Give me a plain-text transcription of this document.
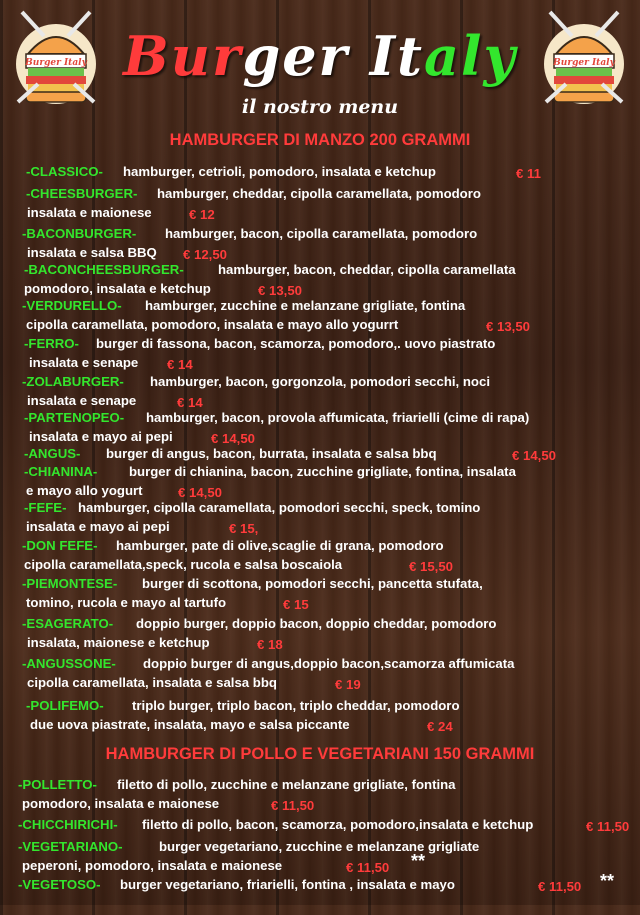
Burger Italy	Burger Italy
Burger Italy
il nostro menu
HAMBURGER DI MANZO 200 GRAMMI
-CLASSICO- hamburger, cetrioli, pomodoro, insalata e ketchup	€ 11
-CHEESBURGER- hamburger, cheddar, cipolla caramellata, pomodoro
insalata e maionese	€ 12
-BACONBURGER- hamburger, bacon, cipolla caramellata, pomodoro
insalata e salsa BBQ € 12,50
-BACONCHEESBURGER-	hamburger, bacon, cheddar, cipolla caramellata
pomodoro, insalata e ketchup	€ 13,50
-VERDURELLO- hamburger, zucchine e melanzane grigliate, fontina
cipolla caramellata, pomodoro, insalata e mayo allo yogurrt	€ 13,50
-FERRO- burger di fassona, bacon, scamorza, pomodoro,. uovo piastrato
insalata e senape € 14
-ZOLABURGER- hamburger, bacon, gorgonzola, pomodori secchi, noci
insalata e senape	€ 14
-PARTENOPEO- hamburger, bacon, provola affumicata, friarielli (cime di rapa)
insalata e mayo ai pepi	€ 14,50
-ANGUS- burger di angus, bacon, burrata, insalata e salsa bbq	€ 14,50
-CHIANINA- burger di chianina, bacon, zucchine grigliate, fontina, insalata
e mayo allo yogurt	€ 14,50
-FEFE- hamburger, cipolla caramellata, pomodori secchi, speck, tomino
insalata e mayo ai pepi	€ 15,
-DON FEFE- hamburger, pate di olive,scaglie di grana, pomodoro
cipolla caramellata,speck, rucola e salsa boscaiola	€ 15,50
-PIEMONTESE- burger di scottona, pomodori secchi, pancetta stufata,
tomino, rucola e mayo al tartufo	€ 15
-ESAGERATO- doppio burger, doppio bacon, doppio cheddar, pomodoro
insalata, maionese e ketchup	€ 18
-ANGUSSONE- doppio burger di angus,doppio bacon,scamorza affumicata
cipolla caramellata, insalata e salsa bbq	€ 19
-POLIFEMO- triplo burger, triplo bacon, triplo cheddar, pomodoro
due uova piastrate, insalata, mayo e salsa piccante	€ 24
HAMBURGER DI POLLO E VEGETARIANI 150 GRAMMI
-POLLETTO- filetto di pollo, zucchine e melanzane grigliate, fontina
pomodoro, insalata e maionese	€ 11,50
-CHICCHIRICHI- filetto di pollo, bacon, scamorza, pomodoro,insalata e ketchup	€ 11,50
-VEGETARIANO-	burger vegetariano, zucchine e melanzane grigliate
peperoni, pomodoro, insalata e maionese	€ 11,50 **
-VEGETOSO- burger vegetariano, friarielli, fontina , insalata e mayo	€ 11,50 **
